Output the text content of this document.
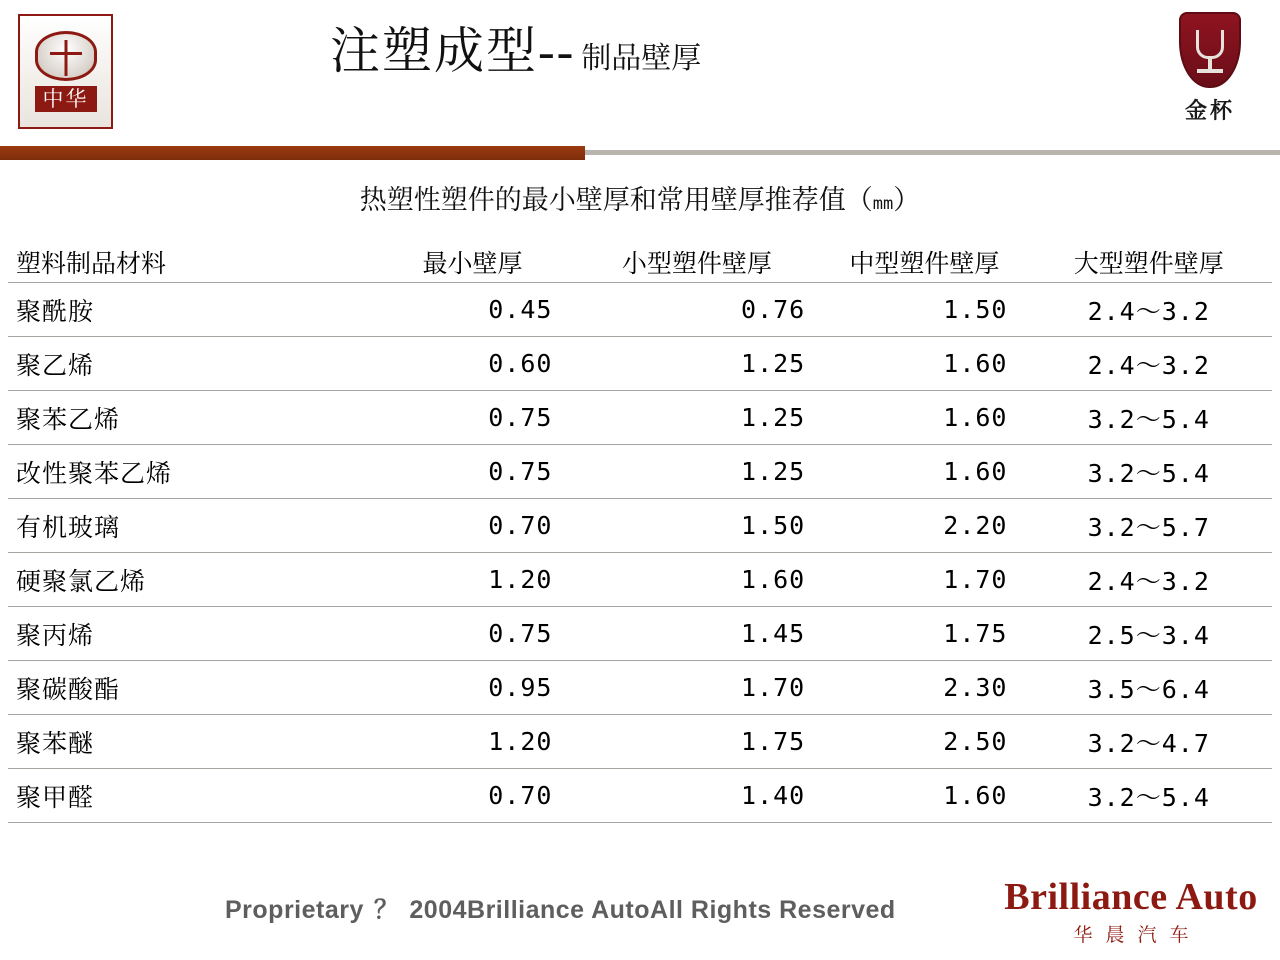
中华
注塑成型-- 制品壁厚
金杯
热塑性塑件的最小壁厚和常用壁厚推荐值（mm）
塑料制品材料	最小壁厚	小型塑件壁厚	中型塑件壁厚	大型塑件壁厚
聚酰胺	0.45	0.76	1.50	2.4～3.2
聚乙烯	0.60	1.25	1.60	2.4～3.2
聚苯乙烯	0.75	1.25	1.60	3.2～5.4
改性聚苯乙烯	0.75	1.25	1.60	3.2～5.4
有机玻璃	0.70	1.50	2.20	3.2～5.7
硬聚氯乙烯	1.20	1.60	1.70	2.4～3.2
聚丙烯	0.75	1.45	1.75	2.5～3.4
聚碳酸酯	0.95	1.70	2.30	3.5～6.4
聚苯醚	1.20	1.75	2.50	3.2～4.7
聚甲醛	0.70	1.40	1.60	3.2～5.4

Proprietary ？ 2004Brilliance AutoAll Rights Reserved	Brilliance Auto
华晨汽车
